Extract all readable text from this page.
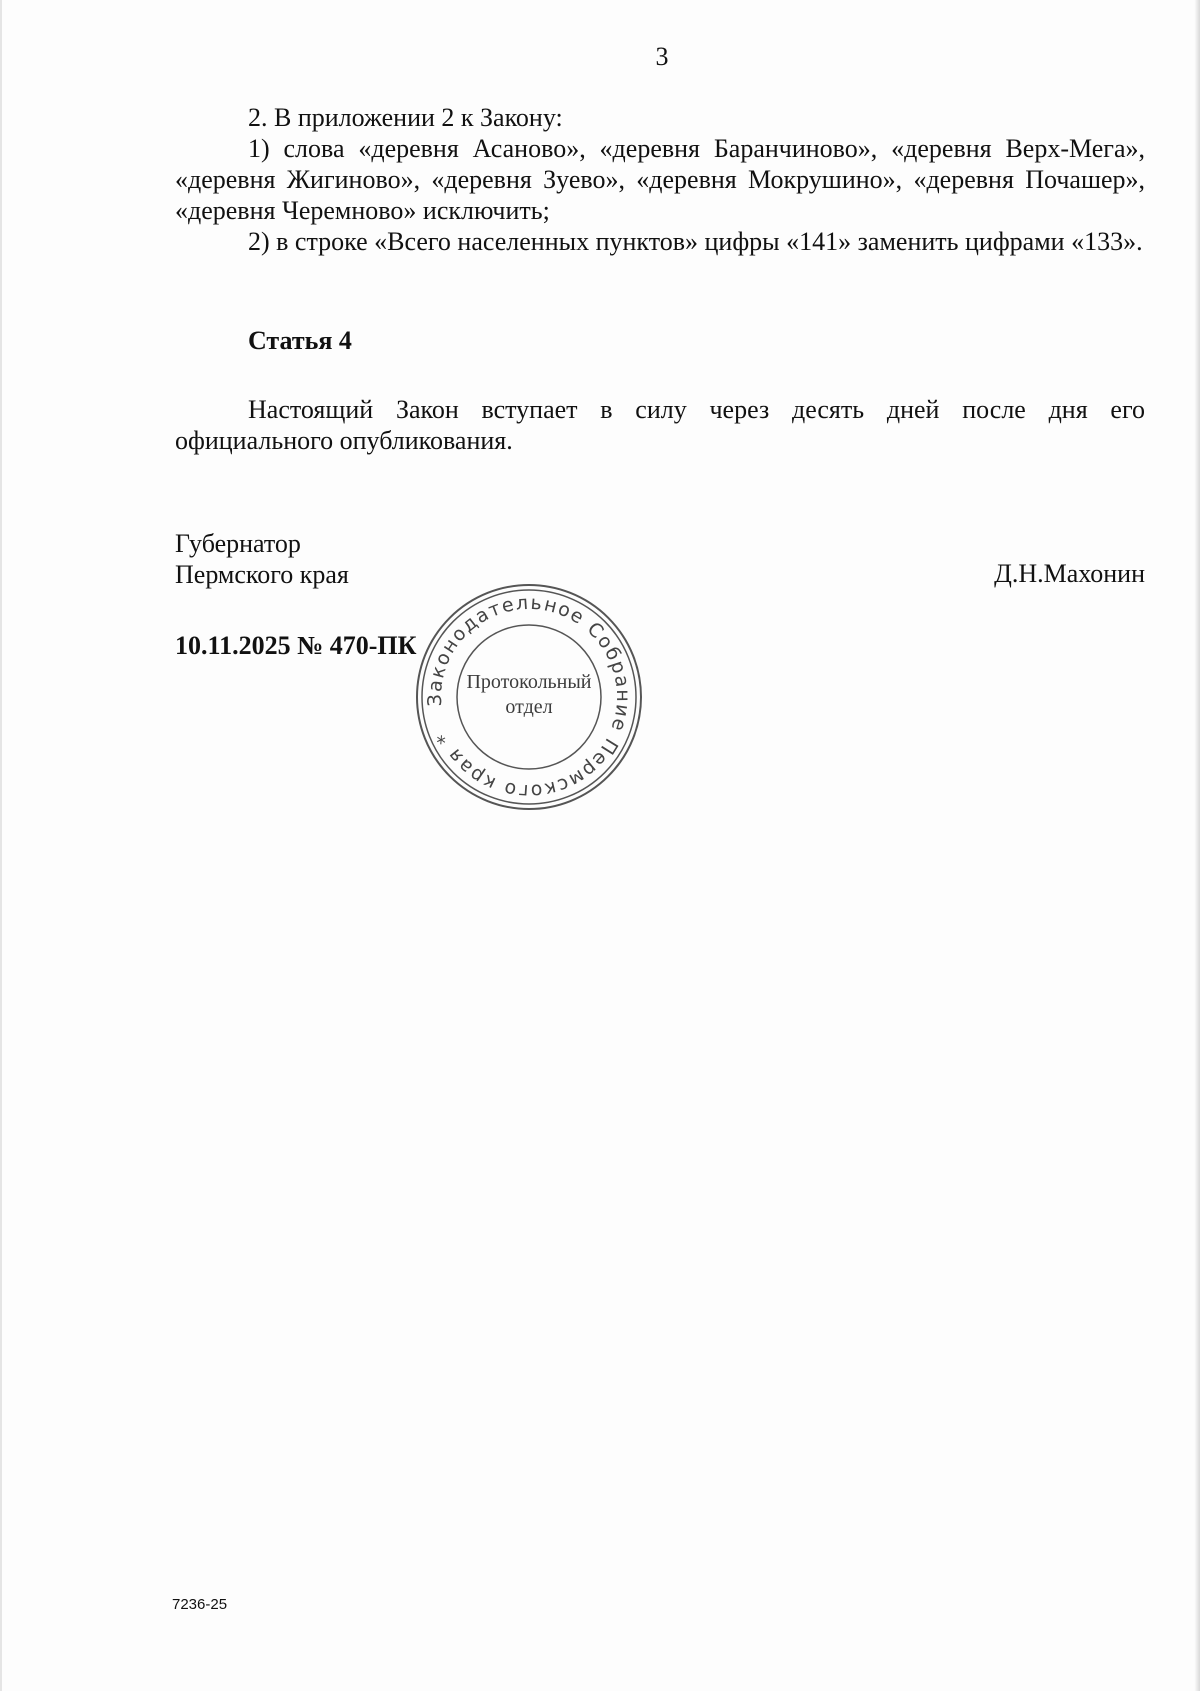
3

2. В приложении 2 к Закону:

1) слова «деревня Асаново», «деревня Баранчиново», «деревня Верх-Мега», «деревня Жигиново», «деревня Зуево», «деревня Мокрушино», «деревня Почашер», «деревня Черемново» исключить;

2) в строке «Всего населенных пунктов» цифры «141» заменить цифрами «133».

Статья 4

Настоящий Закон вступает в силу через десять дней после дня его официального опубликования.

Губернатор
Пермского края	Д.Н.Махонин
10.11.2025 № 470-ПК
Законодательное Собрание Пермского края *
Протокольный
отдел
7236-25
